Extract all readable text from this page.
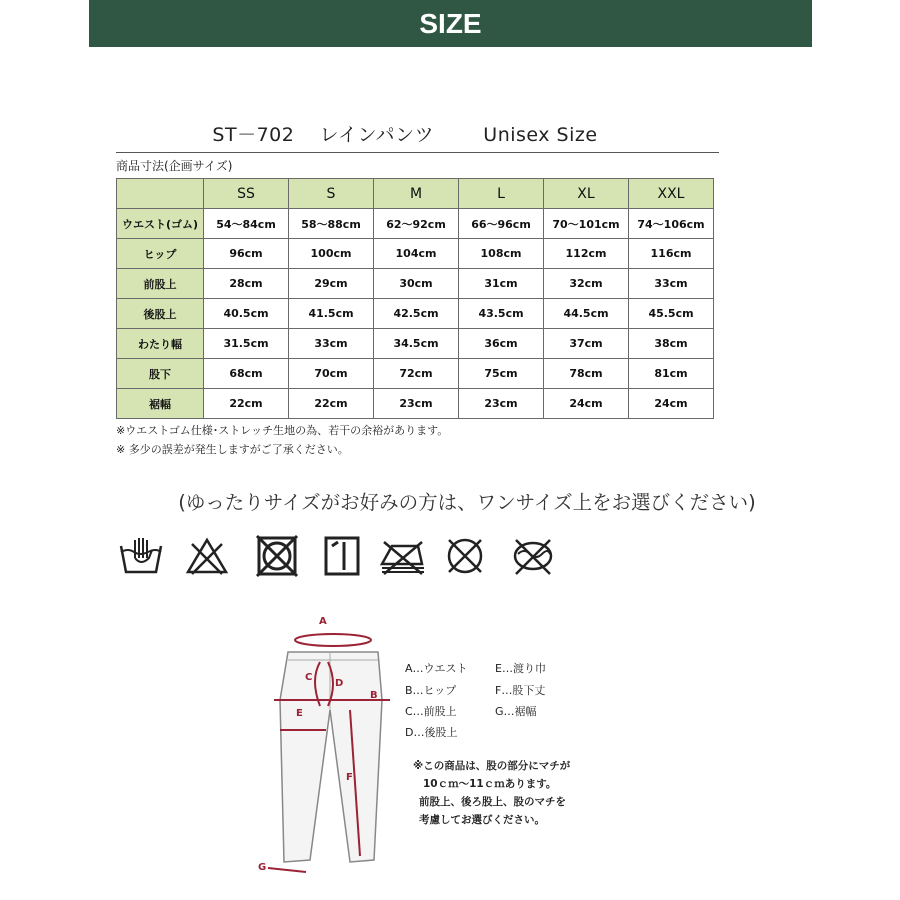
SIZE
ST－702 レインパンツ	Unisex Size
商品寸法(企画サイズ)
	SS	S	M	L	XL	XXL
ウエスト(ゴム)	54～84cm	58～88cm	62～92cm	66～96cm	70～101cm	74～106cm
ヒップ	96cm	100cm	104cm	108cm	112cm	116cm
前股上	28cm	29cm	30cm	31cm	32cm	33cm
後股上	40.5cm	41.5cm	42.5cm	43.5cm	44.5cm	45.5cm
わたり幅	31.5cm	33cm	34.5cm	36cm	37cm	38cm
股下	68cm	70cm	72cm	75cm	78cm	81cm
裾幅	22cm	22cm	23cm	23cm	24cm	24cm
※ウエストゴム仕様･ストレッチ生地の為、若干の余裕があります。
※ 多少の誤差が発生しますがご了承ください。
(ゆったりサイズがお好みの方は、ワンサイズ上をお選びください)
A
B
C
D
E
F
G
A…ウエスト E…渡り巾
B…ヒップ	F…股下丈
C…前股上	G…裾幅
D…後股上
※この商品は、股の部分にマチが
10ｃｍ～11ｃｍあります。
前股上、後ろ股上、股のマチを
考慮してお選びください。
